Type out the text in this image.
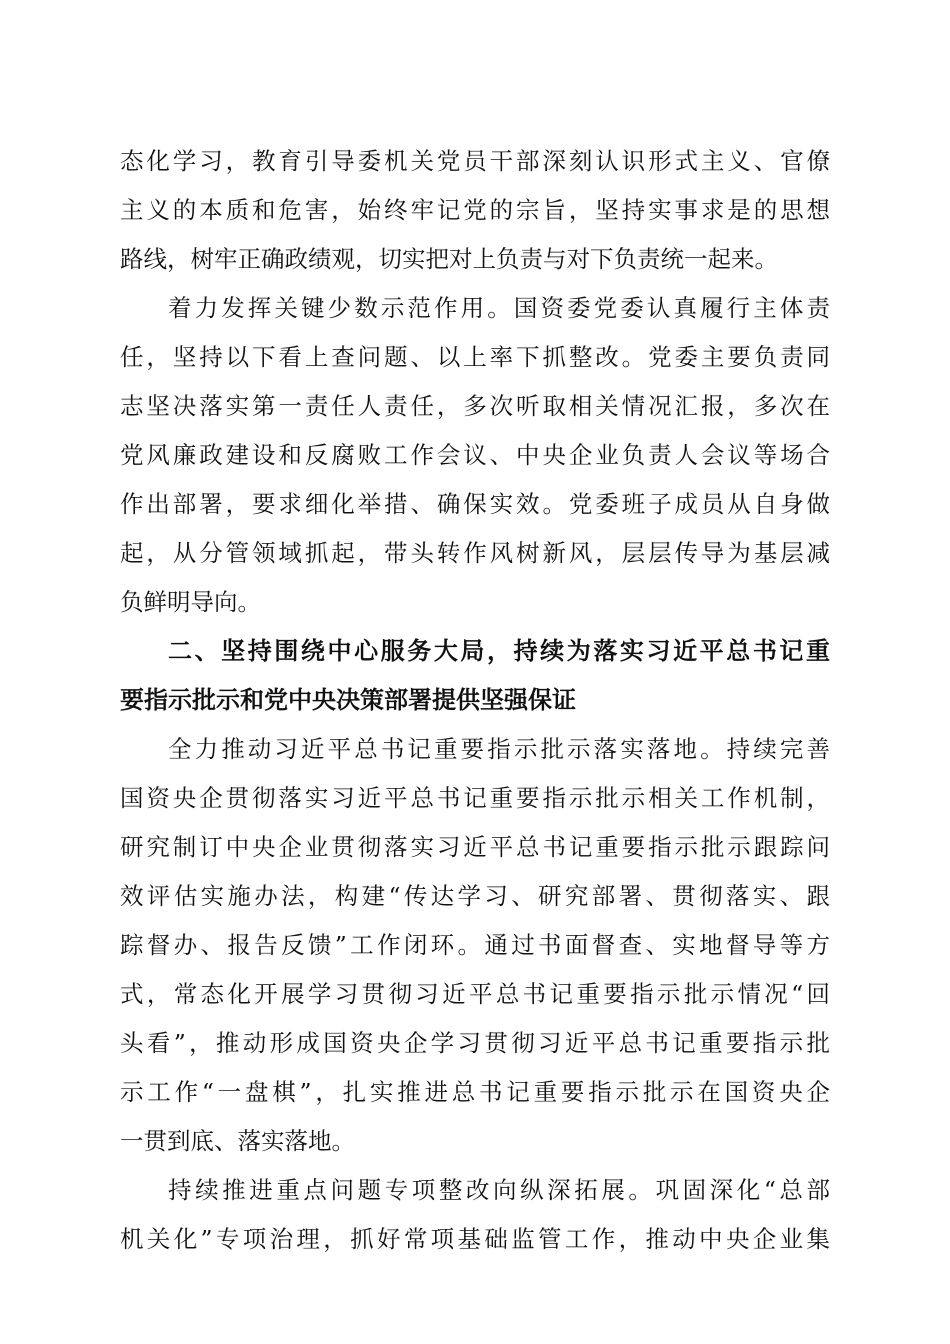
态化学习，教育引导委机关党员干部深刻认识形式主义、官僚
主义的本质和危害，始终牢记党的宗旨，坚持实事求是的思想
路线，树牢正确政绩观，切实把对上负责与对下负责统一起来。
着力发挥关键少数示范作用。国资委党委认真履行主体责
任，坚持以下看上查问题、以上率下抓整改。党委主要负责同
志坚决落实第一责任人责任，多次听取相关情况汇报，多次在
党风廉政建设和反腐败工作会议、中央企业负责人会议等场合
作出部署，要求细化举措、确保实效。党委班子成员从自身做
起，从分管领域抓起，带头转作风树新风，层层传导为基层减
负鲜明导向。
二、坚持围绕中心服务大局，持续为落实习近平总书记重
要指示批示和党中央决策部署提供坚强保证
全力推动习近平总书记重要指示批示落实落地。持续完善
国资央企贯彻落实习近平总书记重要指示批示相关工作机制，
研究制订中央企业贯彻落实习近平总书记重要指示批示跟踪问
效评估实施办法，构建“传达学习、研究部署、贯彻落实、跟
踪督办、报告反馈”工作闭环。通过书面督查、实地督导等方
式，常态化开展学习贯彻习近平总书记重要指示批示情况“回
头看”，推动形成国资央企学习贯彻习近平总书记重要指示批
示工作“一盘棋”，扎实推进总书记重要指示批示在国资央企
一贯到底、落实落地。
持续推进重点问题专项整改向纵深拓展。巩固深化“总部
机关化”专项治理，抓好常项基础监管工作，推动中央企业集
